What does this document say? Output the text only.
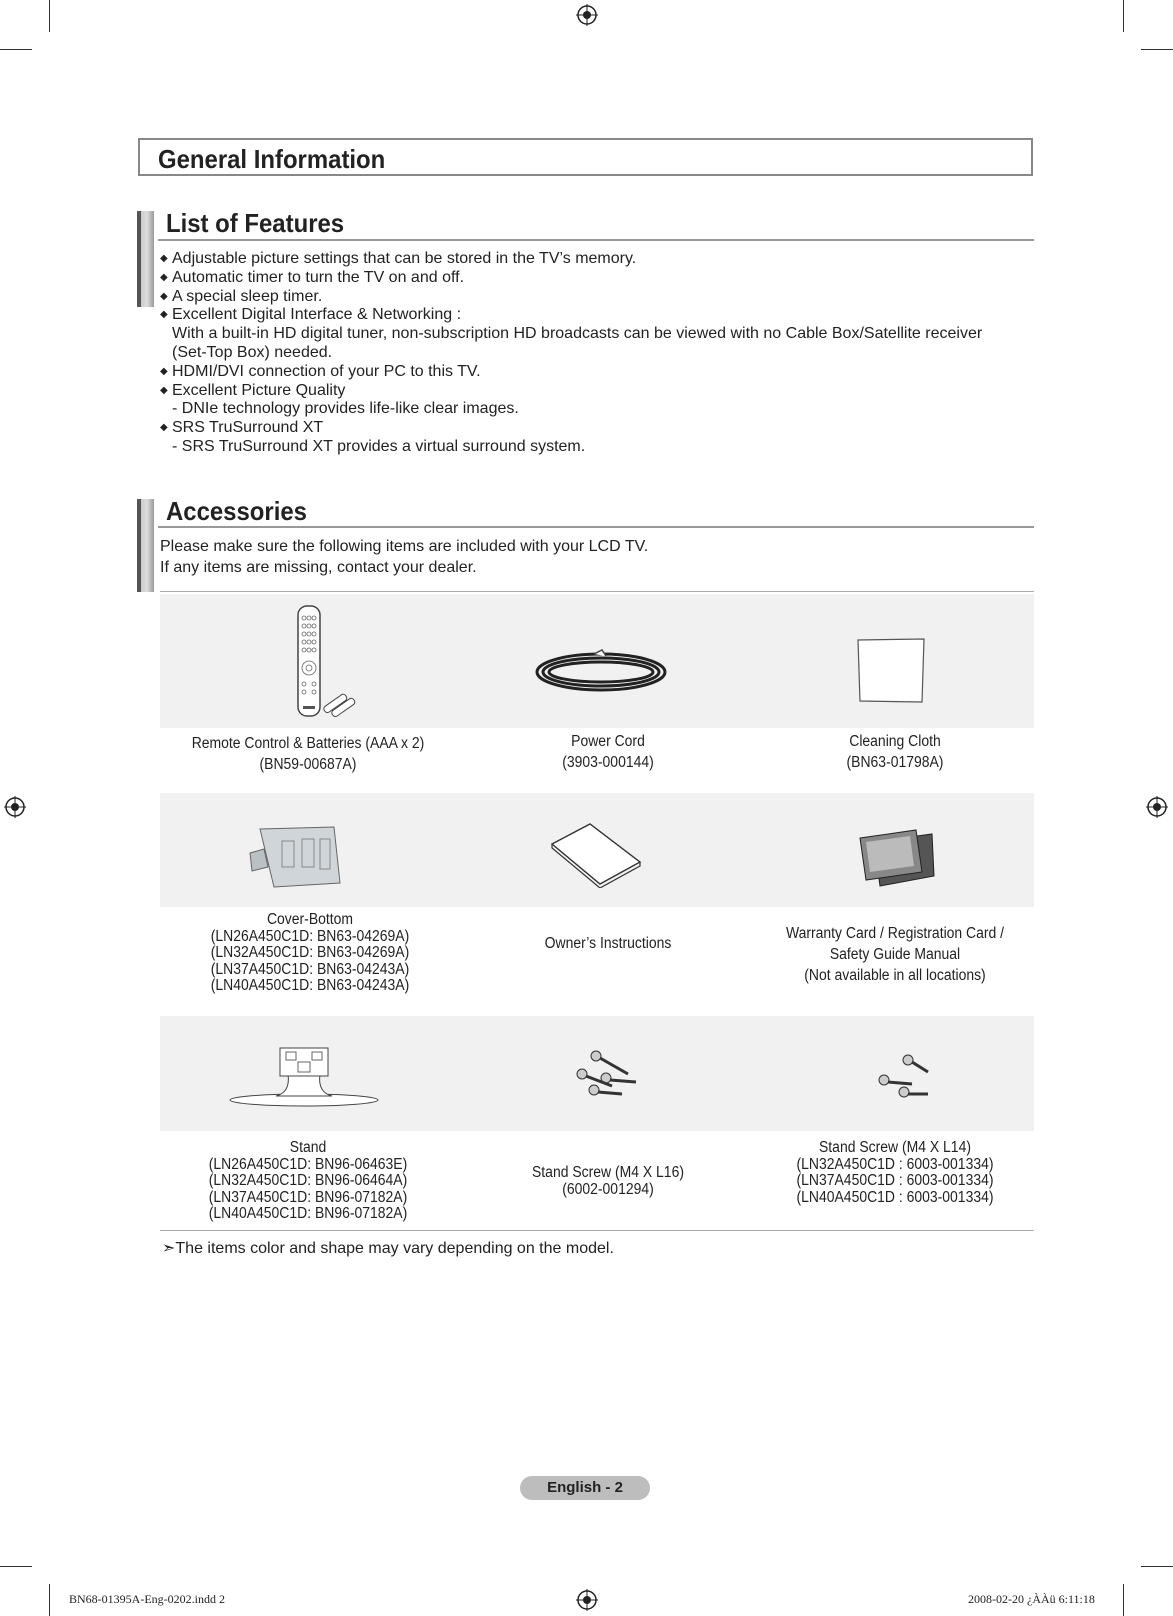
General Information
List of Features
◆ Adjustable picture settings that can be stored in the TV’s memory.
◆ Automatic timer to turn the TV on and off.
◆ A special sleep timer.
◆ Excellent Digital Interface & Networking :
With a built-in HD digital tuner, non-subscription HD broadcasts can be viewed with no Cable Box/Satellite receiver
(Set-Top Box) needed.
◆ HDMI/DVI connection of your PC to this TV.
◆ Excellent Picture Quality
- DNIe technology provides life-like clear images.
◆ SRS TruSurround XT
- SRS TruSurround XT provides a virtual surround system.
Accessories
Please make sure the following items are included with your LCD TV.
If any items are missing, contact your dealer.
Remote Control & Batteries (AAA x 2)
(BN59-00687A)
Power Cord
(3903-000144)
Cleaning Cloth
(BN63-01798A)
Cover-Bottom
(LN26A450C1D: BN63-04269A)
(LN32A450C1D: BN63-04269A)
(LN37A450C1D: BN63-04243A)
(LN40A450C1D: BN63-04243A)
Owner’s Instructions
Warranty Card / Registration Card /
Safety Guide Manual
(Not available in all locations)
Stand
(LN26A450C1D: BN96-06463E)
(LN32A450C1D: BN96-06464A)
(LN37A450C1D: BN96-07182A)
(LN40A450C1D: BN96-07182A)
Stand Screw (M4 X L16)
(6002-001294)
Stand Screw (M4 X L14)
(LN32A450C1D : 6003-001334)
(LN37A450C1D : 6003-001334)
(LN40A450C1D : 6003-001334)
➣The items color and shape may vary depending on the model.
English - 2
BN68-01395A-Eng-0202.indd 2	2008-02-20 ¿ÀÀü 6:11:18
